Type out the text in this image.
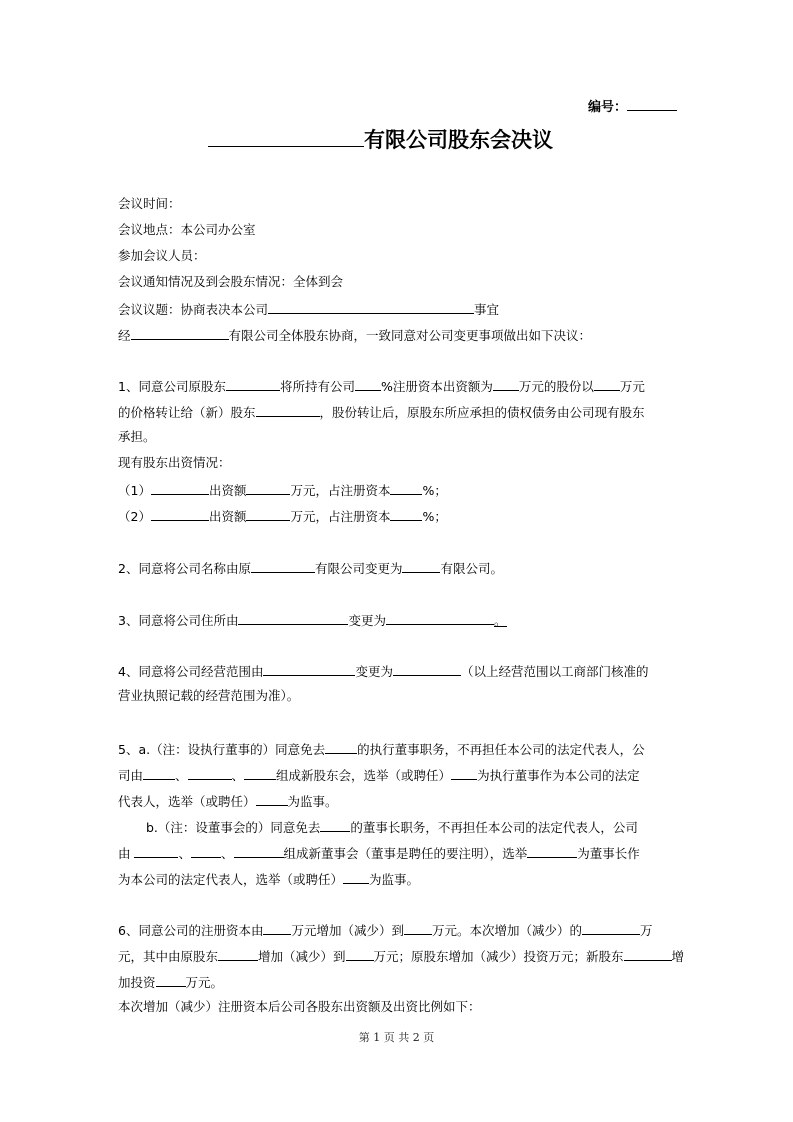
编号：
有限公司股东会决议
会议时间：
会议地点：本公司办公室
参加会议人员：
会议通知情况及到会股东情况：全体到会
会议议题：协商表决本公司	事宜
经	有限公司全体股东协商，一致同意对公司变更事项做出如下决议：
1、同意公司原股东	将所持有公司 %注册资本出资额为 万元的股份以 万元
的价格转让给（新）股东	，股份转让后，原股东所应承担的债权债务由公司现有股东
承担。
现有股东出资情况：
（1）	出资额	万元，占注册资本	%；
（2）	出资额	万元，占注册资本	%；
2、同意将公司名称由原	有限公司变更为	有限公司。
3、同意将公司住所由	变更为	。
4、同意将公司经营范围由	变更为	（以上经营范围以工商部门核准的
营业执照记载的经营范围为准）。
5、a.（注：设执行董事的）同意免去	的执行董事职务，不再担任本公司的法定代表人，公
司由	、	、	组成新股东会，选举（或聘任） 为执行董事作为本公司的法定
代表人，选举（或聘任）	为监事。
b.（注：设董事会的）同意免去 的董事长职务，不再担任本公司的法定代表人，公司
由	、 、	组成新董事会（董事是聘任的要注明），选举	为董事长作
为本公司的法定代表人，选举（或聘任） 为监事。
6、同意公司的注册资本由 万元增加（减少）到 万元。本次增加（减少）的	万
元，其中由原股东	增加（减少）到 万元；原股东增加（减少）投资万元；新股东	增
加投资 万元。
本次增加（减少）注册资本后公司各股东出资额及出资比例如下：
第 1 页 共 2 页
